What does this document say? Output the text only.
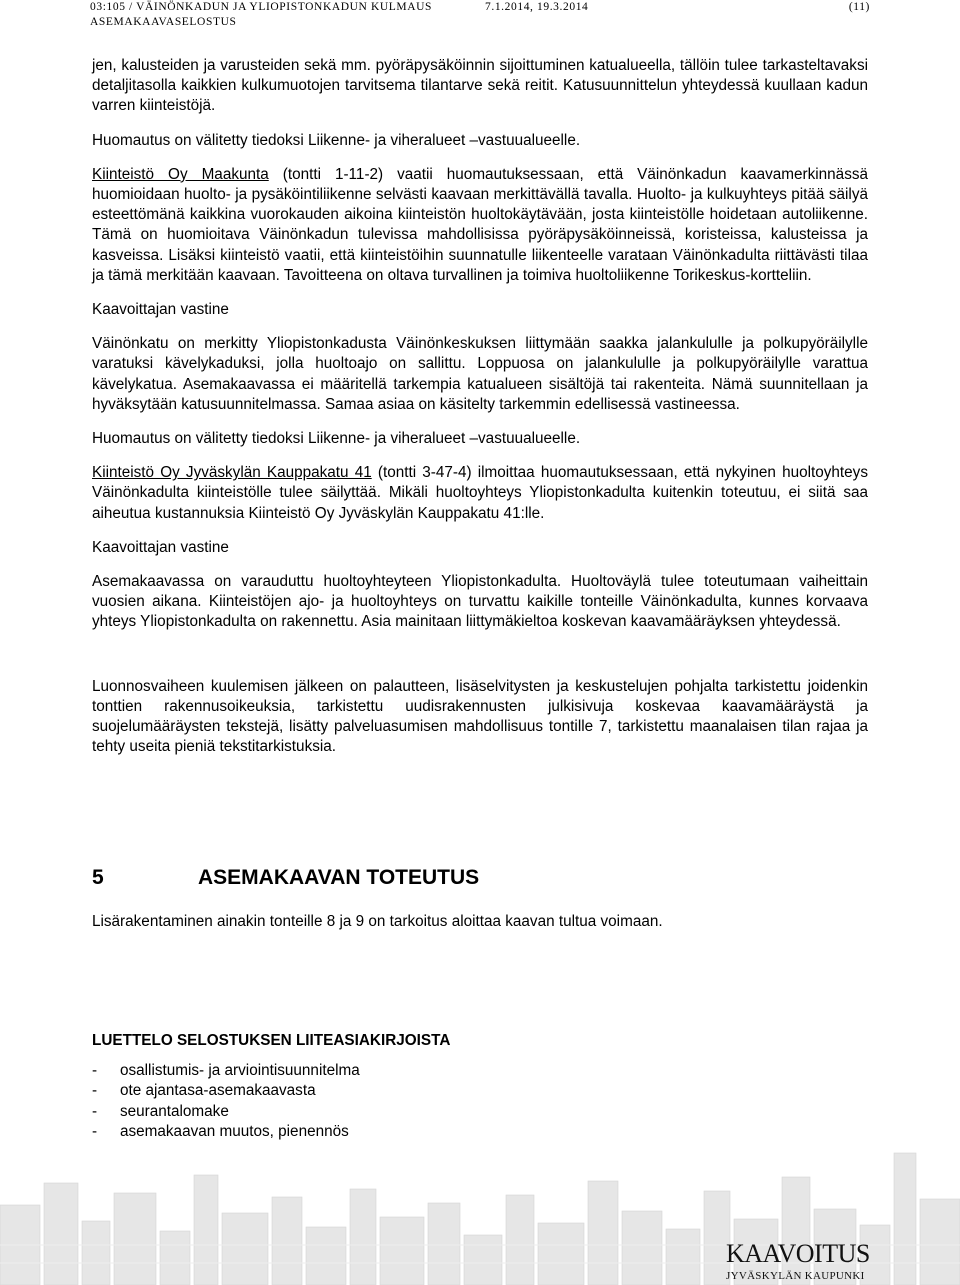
03:105 / VÄINÖNKADUN JA YLIOPISTONKADUN KULMAUS	7.1.2014, 19.3.2014	(11)
ASEMAKAAVASELOSTUS

jen, kalusteiden ja varusteiden sekä mm. pyöräpysäköinnin sijoittuminen katualueella, tällöin tulee tarkasteltavaksi detaljitasolla kaikkien kulkumuotojen tarvitsema tilantarve sekä reitit. Katusuunnittelun yhteydessä kuullaan kadun varren kiinteistöjä.

Huomautus on välitetty tiedoksi Liikenne- ja viheralueet –vastuualueelle.

Kiinteistö Oy Maakunta (tontti 1-11-2) vaatii huomautuksessaan, että Väinönkadun kaavamerkinnässä huomioidaan huolto- ja pysäköintiliikenne selvästi kaavaan merkittävällä tavalla. Huolto- ja kulkuyhteys pitää säilyä esteettömänä kaikkina vuorokauden aikoina kiinteistön huoltokäytävään, josta kiinteistölle hoidetaan autoliikenne. Tämä on huomioitava Väinönkadun tulevissa mahdollisissa pyöräpysäköinneissä, koristeissa, kalusteissa ja kasveissa. Lisäksi kiinteistö vaatii, että kiinteistöihin suunnatulle liikenteelle varataan Väinönkadulta riittävästi tilaa ja tämä merkitään kaavaan. Tavoitteena on oltava turvallinen ja toimiva huoltoliikenne Torikeskus-kortteliin.

Kaavoittajan vastine

Väinönkatu on merkitty Yliopistonkadusta Väinönkeskuksen liittymään saakka jalankululle ja polkupyöräilylle varatuksi kävelykaduksi, jolla huoltoajo on sallittu. Loppuosa on jalankululle ja polkupyöräilylle varattua kävelykatua. Asemakaavassa ei määritellä tarkempia katualueen sisältöjä tai rakenteita. Nämä suunnitellaan ja hyväksytään katusuunnitelmassa. Samaa asiaa on käsitelty tarkemmin edellisessä vastineessa.

Huomautus on välitetty tiedoksi Liikenne- ja viheralueet –vastuualueelle.

Kiinteistö Oy Jyväskylän Kauppakatu 41 (tontti 3-47-4) ilmoittaa huomautuksessaan, että nykyinen huoltoyhteys Väinönkadulta kiinteistölle tulee säilyttää. Mikäli huoltoyhteys Yliopistonkadulta kuitenkin toteutuu, ei siitä saa aiheutua kustannuksia Kiinteistö Oy Jyväskylän Kauppakatu 41:lle.

Kaavoittajan vastine

Asemakaavassa on varauduttu huoltoyhteyteen Yliopistonkadulta. Huoltoväylä tulee toteutumaan vaiheittain vuosien aikana. Kiinteistöjen ajo- ja huoltoyhteys on turvattu kaikille tonteille Väinönkadulta, kunnes korvaava yhteys Yliopistonkadulta on rakennettu. Asia mainitaan liittymäkieltoa koskevan kaavamääräyksen yhteydessä.

Luonnosvaiheen kuulemisen jälkeen on palautteen, lisäselvitysten ja keskustelujen pohjalta tarkistettu joidenkin tonttien rakennusoikeuksia, tarkistettu uudisrakennusten julkisivuja koskevaa kaavamääräystä ja suojelumääräysten tekstejä, lisätty palveluasumisen mahdollisuus tontille 7, tarkistettu maanalaisen tilan rajaa ja tehty useita pieniä tekstitarkistuksia.

5	ASEMAKAAVAN TOTEUTUS
Lisärakentaminen ainakin tonteille 8 ja 9 on tarkoitus aloittaa kaavan tultua voimaan.
LUETTELO SELOSTUKSEN LIITEASIAKIRJOISTA
- osallistumis- ja arviointisuunnitelma
- ote ajantasa-asemakaavasta
- seurantalomake
- asemakaavan muutos, pienennös
KAAVOITUS
JYVÄSKYLÄN KAUPUNKI
